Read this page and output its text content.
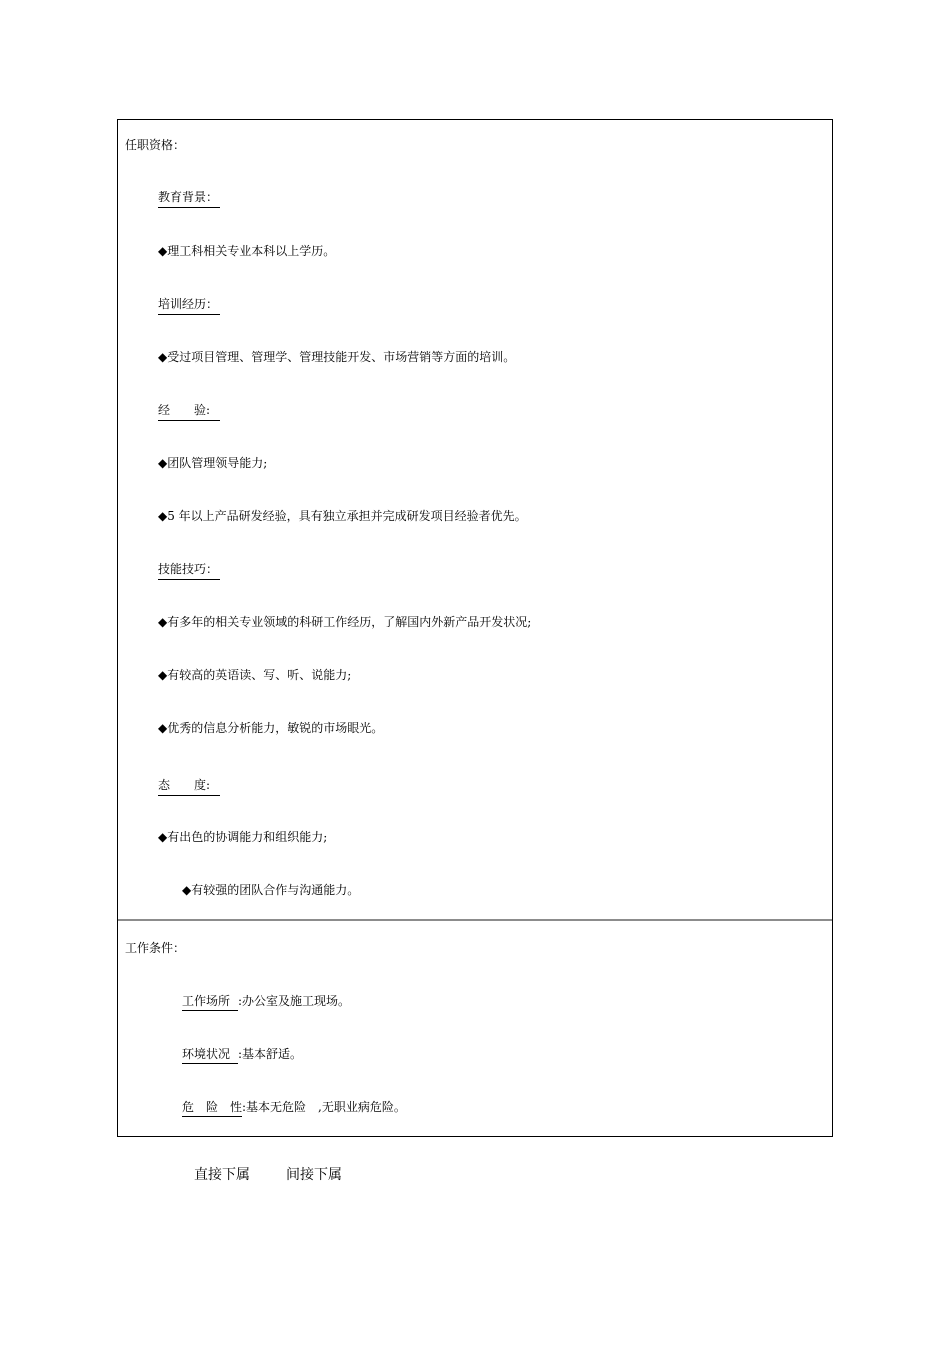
任职资格：
教育背景：
◆理工科相关专业本科以上学历。
培训经历：
◆受过项目管理、管理学、管理技能开发、市场营销等方面的培训。
经　　验:
◆团队管理领导能力;
◆5 年以上产品研发经验，具有独立承担并完成研发项目经验者优先。
技能技巧：
◆有多年的相关专业领域的科研工作经历，了解国内外新产品开发状况;
◆有较高的英语读、写、听、说能力;
◆优秀的信息分析能力，敏锐的市场眼光。
态　　度:
◆有出色的协调能力和组织能力;
◆有较强的团队合作与沟通能力。
工作条件：
工作场所 :办公室及施工现场。
环境状况 :基本舒适。
危　险　性:基本无危险　,无职业病危险。
直接下属	间接下属
